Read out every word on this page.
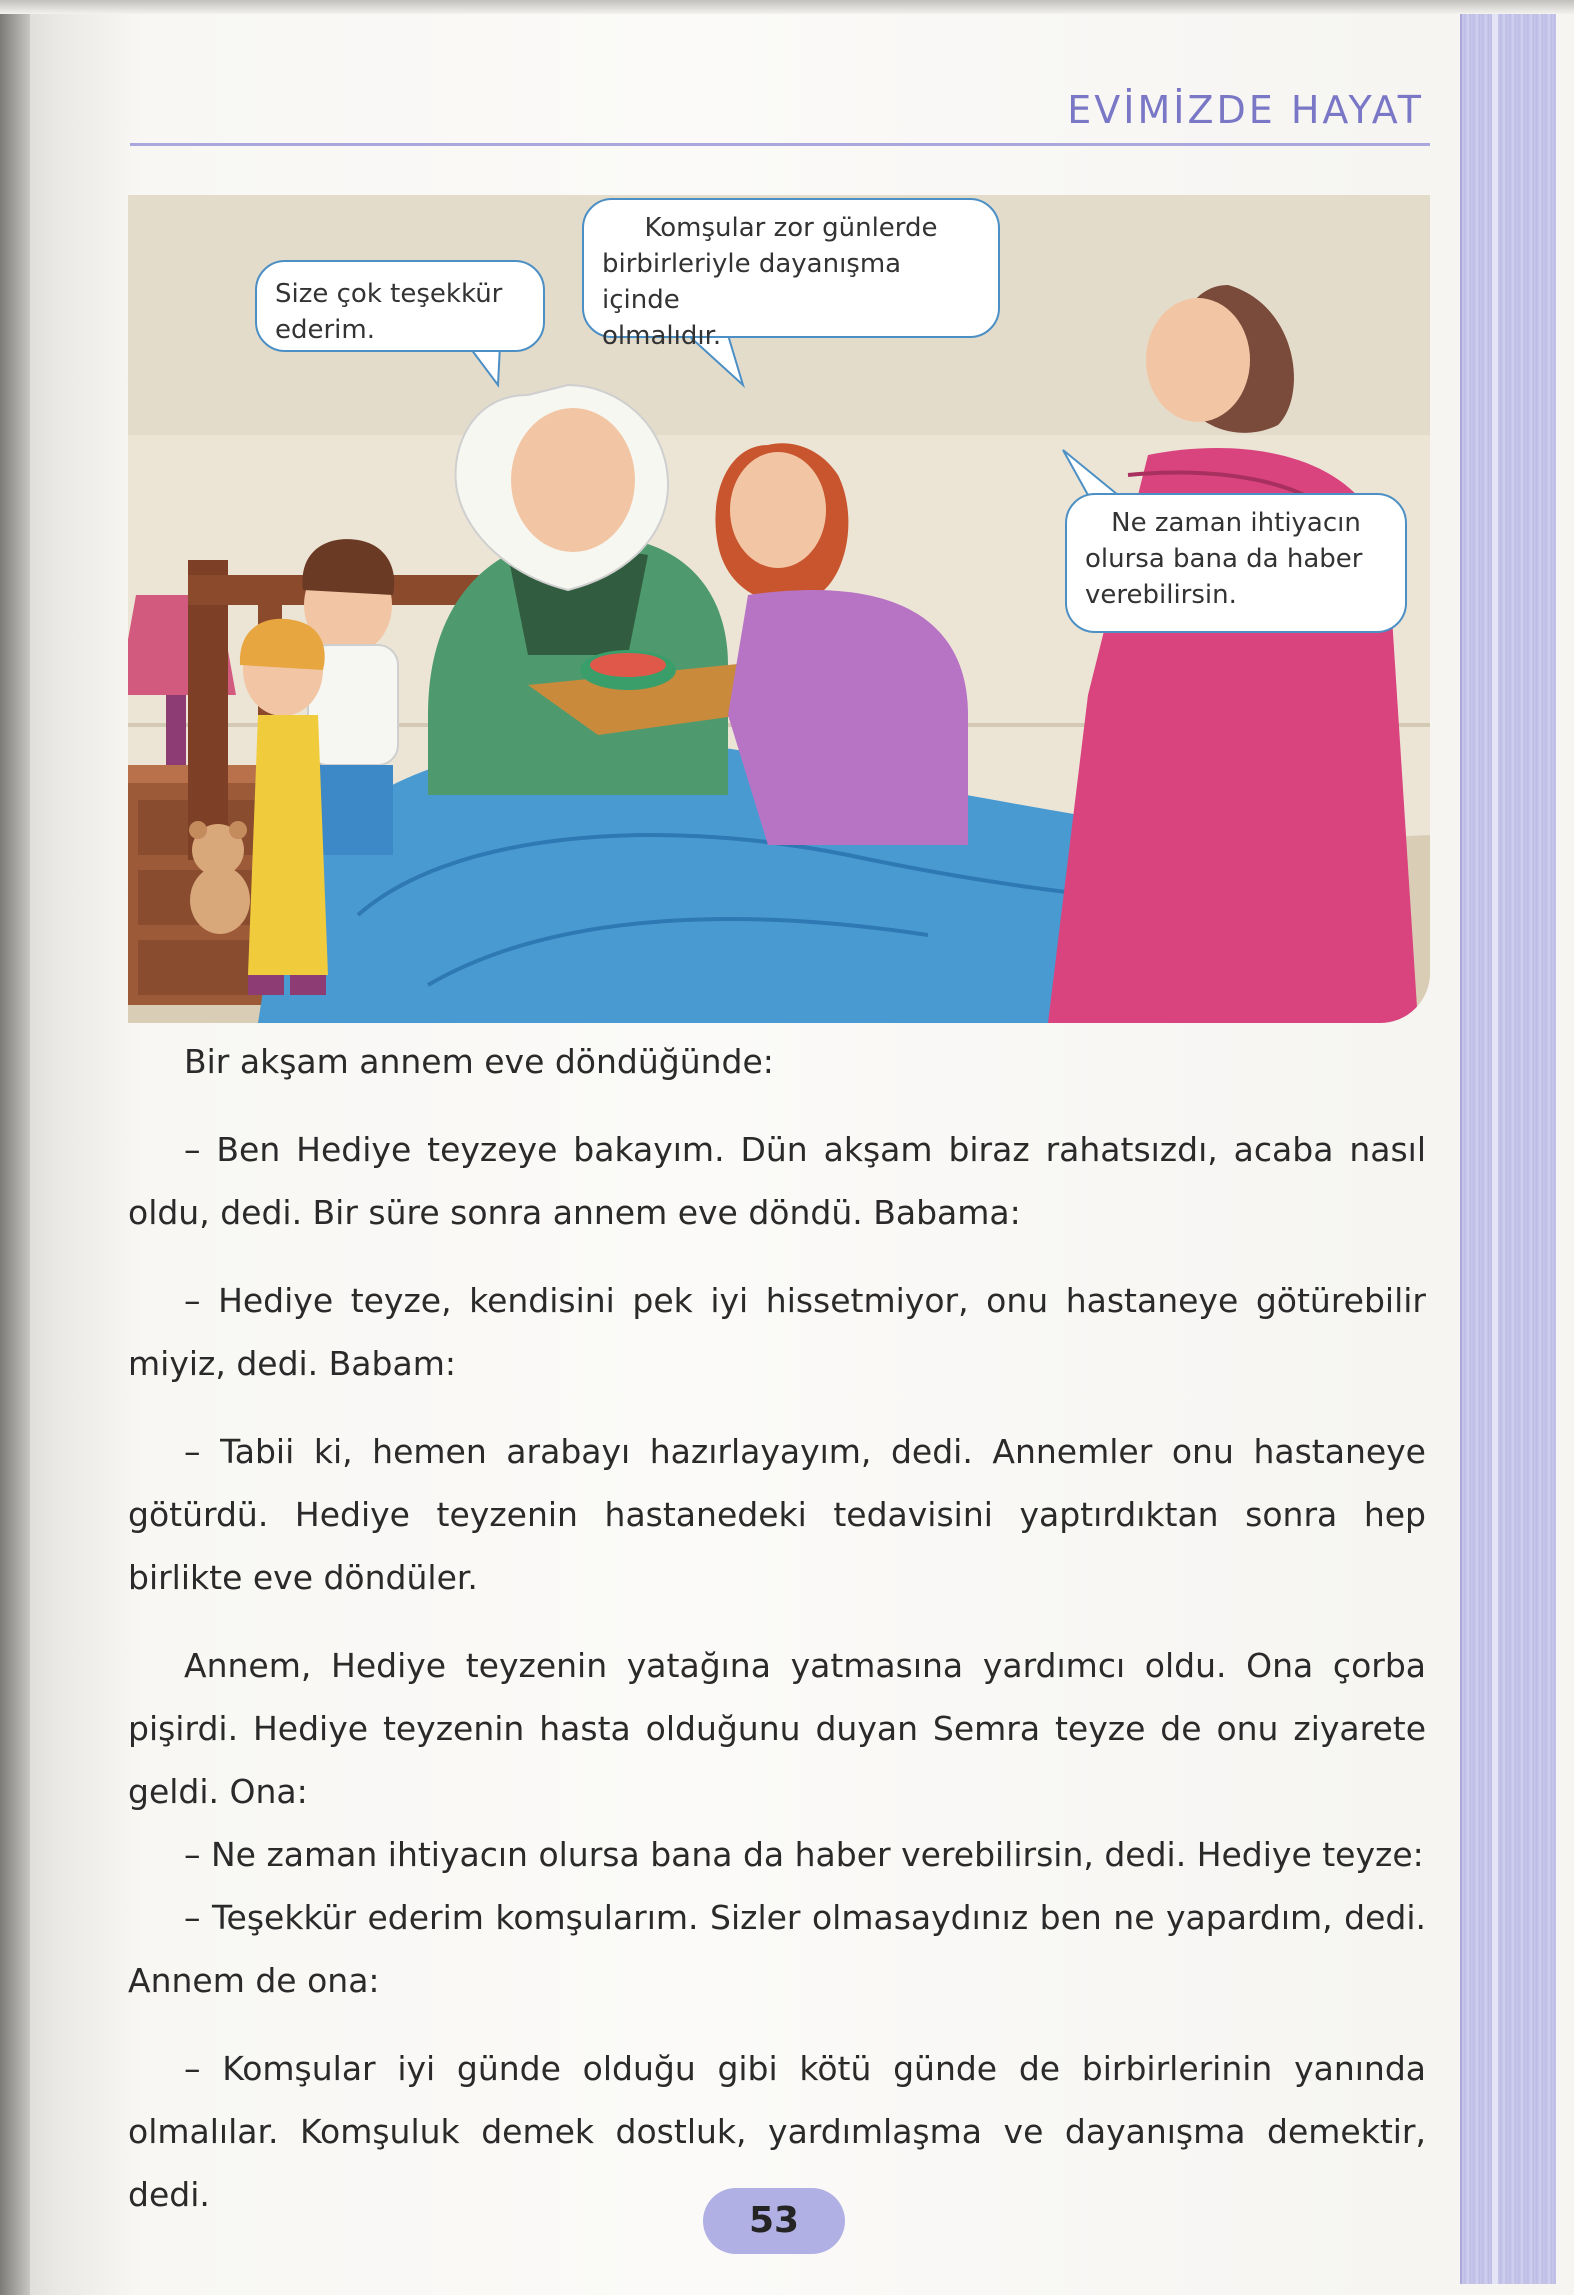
EVİMİZDE HAYAT
Size çok teşekkür
ederim.
Komşular zor günlerde
birbirleriyle dayanışma içinde
olmalıdır.
Ne zaman ihtiyacın
olursa bana da haber
verebilirsin.

Bir akşam annem eve döndüğünde:

– Ben Hediye teyzeye bakayım. Dün akşam biraz rahatsızdı, acaba nasıl oldu, dedi. Bir süre sonra annem eve döndü. Babama:

– Hediye teyze, kendisini pek iyi hissetmiyor, onu hastaneye götürebilir miyiz, dedi. Babam:

– Tabii ki, hemen arabayı hazırlayayım, dedi. Annemler onu hastaneye götürdü. Hediye teyzenin hastanedeki tedavisini yaptırdıktan sonra hep birlikte eve döndüler.

Annem, Hediye teyzenin yatağına yatmasına yardımcı oldu. Ona çorba pişirdi. Hediye teyzenin hasta olduğunu duyan Semra teyze de onu ziyarete geldi. Ona:

– Ne zaman ihtiyacın olursa bana da haber verebilirsin, dedi. Hediye teyze:

– Teşekkür ederim komşularım. Sizler olmasaydınız ben ne yapardım, dedi. Annem de ona:

– Komşular iyi günde olduğu gibi kötü günde de birbirlerinin yanında olmalılar. Komşuluk demek dostluk, yardımlaşma ve dayanışma demektir, dedi.

53
